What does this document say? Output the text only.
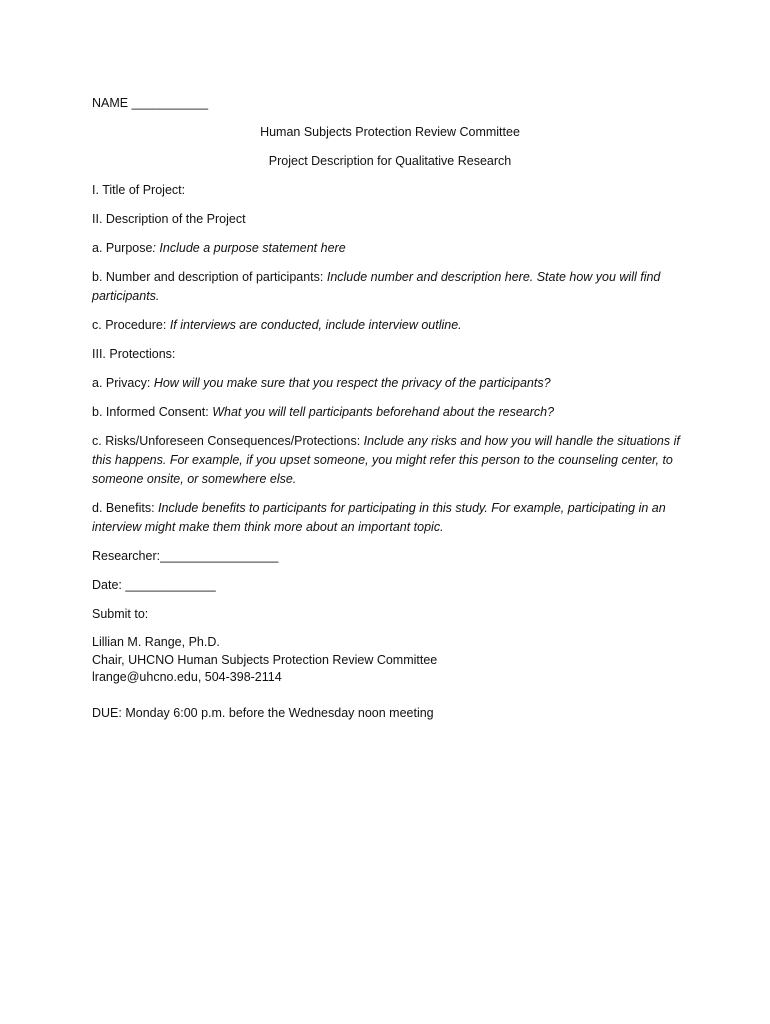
NAME ___________

Human Subjects Protection Review Committee

Project Description for Qualitative Research

I. Title of Project:

II. Description of the Project

a. Purpose: Include a purpose statement here

b. Number and description of participants: Include number and description here. State how you will find participants.

c. Procedure: If interviews are conducted, include interview outline.

III. Protections:

a. Privacy: How will you make sure that you respect the privacy of the participants?

b. Informed Consent: What you will tell participants beforehand about the research?

c. Risks/Unforeseen Consequences/Protections: Include any risks and how you will handle the situations if this happens. For example, if you upset someone, you might refer this person to the counseling center, to someone onsite, or somewhere else.

d. Benefits: Include benefits to participants for participating in this study. For example, participating in an interview might make them think more about an important topic.

Researcher:_________________

Date: _____________

Submit to:

Lillian M. Range, Ph.D.

Chair, UHCNO Human Subjects Protection Review Committee

lrange@uhcno.edu, 504-398-2114

DUE: Monday 6:00 p.m. before the Wednesday noon meeting
